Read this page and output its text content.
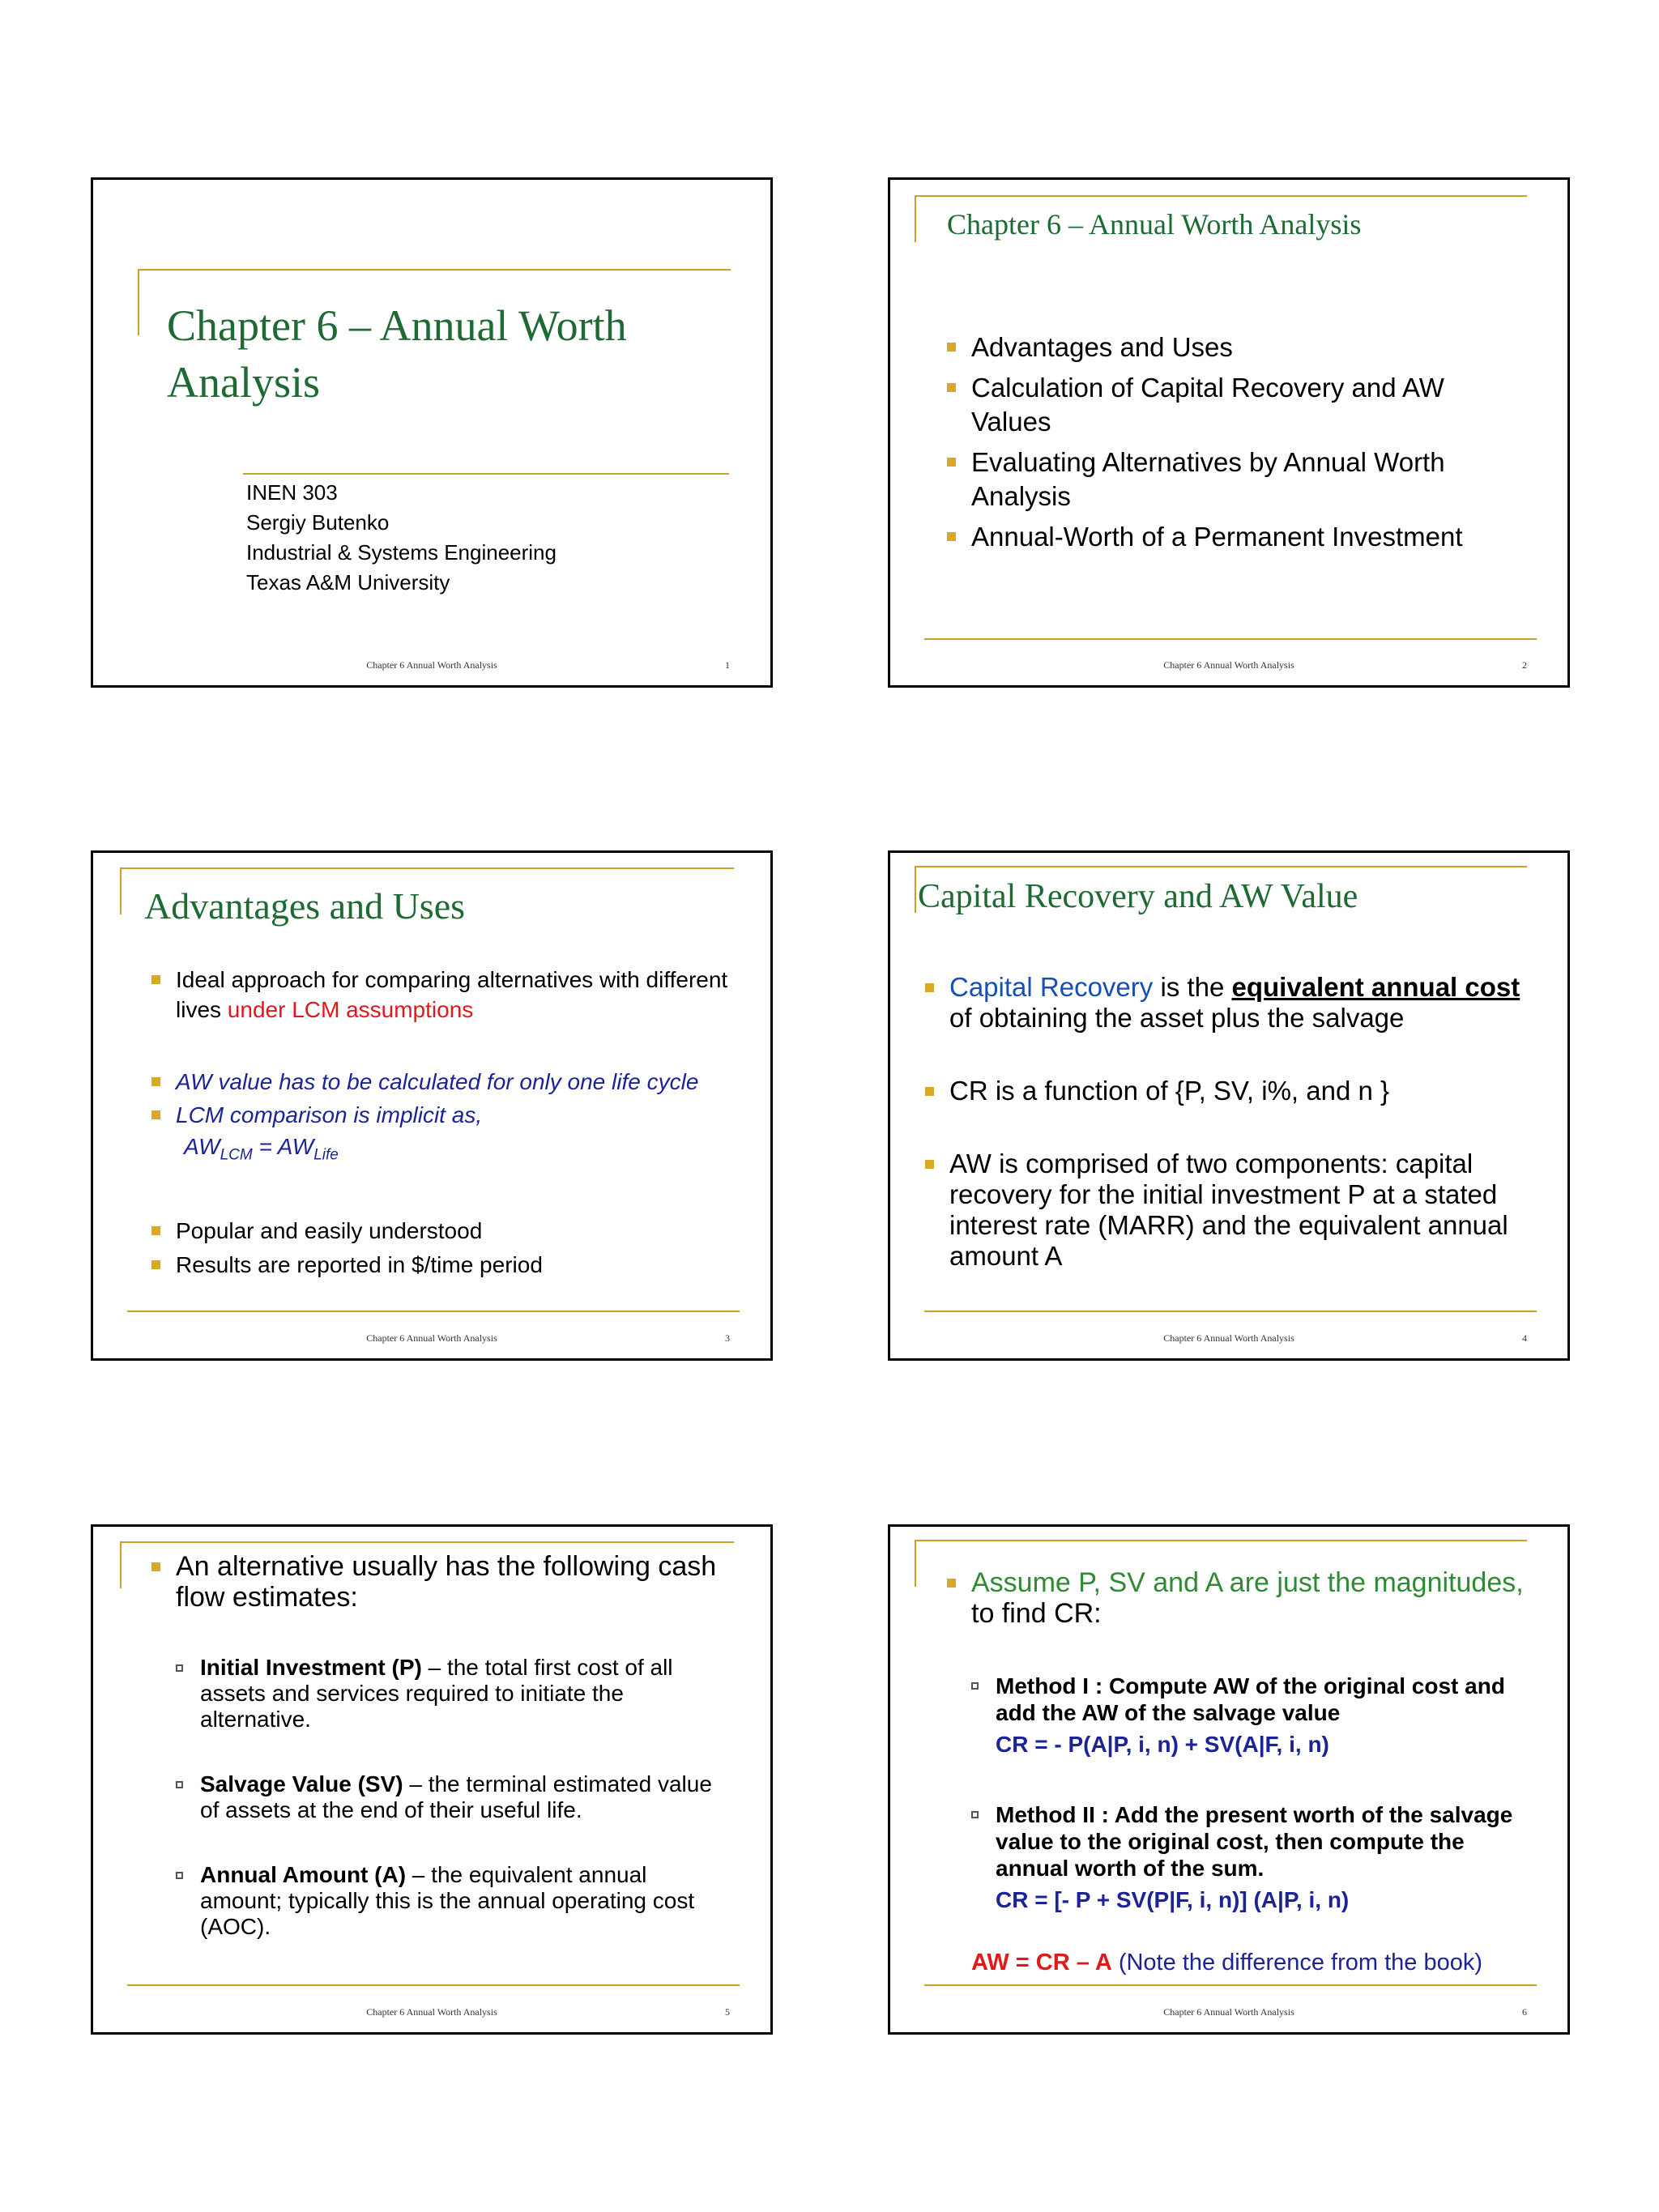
Chapter 6 – Annual Worth Analysis
INEN 303
Sergiy Butenko
Industrial & Systems Engineering
Texas A&M University
Chapter 6 Annual Worth Analysis	1
Chapter 6 – Annual Worth Analysis
Advantages and Uses
Calculation of Capital Recovery and AW Values
Evaluating Alternatives by Annual Worth Analysis
Annual-Worth of a Permanent Investment
Chapter 6 Annual Worth Analysis	2
Advantages and Uses
Ideal approach for comparing alternatives with different lives under LCM assumptions
AW value has to be calculated for only one life cycle
LCM comparison is implicit as,
$AW_{LCM} = AW_{Life}$
Popular and easily understood
Results are reported in $/time period
Chapter 6 Annual Worth Analysis	3
Capital Recovery and AW Value
Capital Recovery is the equivalent annual cost of obtaining the asset plus the salvage
CR is a function of {P, SV, i%, and n }
AW is comprised of two components: capital recovery for the initial investment P at a stated interest rate (MARR) and the equivalent annual amount A
Chapter 6 Annual Worth Analysis	4
An alternative usually has the following cash flow estimates:
Initial Investment (P) – the total first cost of all assets and services required to initiate the alternative.
Salvage Value (SV) – the terminal estimated value of assets at the end of their useful life.
Annual Amount (A) – the equivalent annual amount; typically this is the annual operating cost (AOC).
Chapter 6 Annual Worth Analysis	5
Assume P, SV and A are just the magnitudes, to find CR:
Method I : Compute AW of the original cost and add the AW of the salvage value
CR = - P(A|P, i, n) + SV(A|F, i, n)
Method II : Add the present worth of the salvage value to the original cost, then compute the annual worth of the sum.
CR = [- P + SV(P|F, i, n)] (A|P, i, n)
AW = CR – A (Note the difference from the book)
Chapter 6 Annual Worth Analysis	6
